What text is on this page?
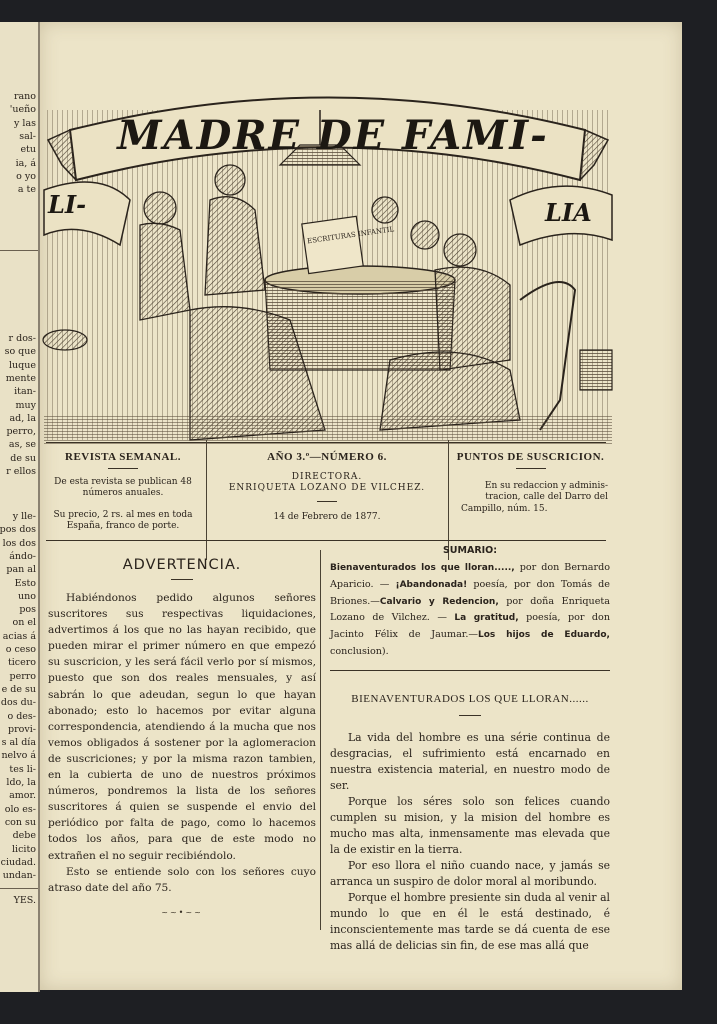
rano
'ueño
y las
sal-
etu
ia, á
o yo
a te
r dos-
so que
luque
mente
itan-
muy
ad, la
perro,
as, se
de su
r ellos
y lle-
pos dos
los dos
ándo-
pan al
Esto
uno
pos
on el
acias á
o ceso
ticero
perro
e de su
dos du-
o des-
provi-
s al día
nelvo á
tes li-
ldo, la
amor.
olo es-
con su
debe
licito
ciudad.
undan-
YES.
ESCRITURAS INFANTIL
MADRE DE FAMI-
LI-	LIA
REVISTA SEMANAL.
De esta revista se publican 48
números anuales.
Su precio, 2 rs. al mes en toda
España, franco de porte.
AÑO 3.º—NÚMERO 6.
DIRECTORA.
ENRIQUETA LOZANO DE VILCHEZ.
14 de Febrero de 1877.
PUNTOS DE SUSCRICION.
En su redaccion y adminis-
tracion, calle del Darro del
Campillo, núm. 15.
ADVERTENCIA.

Habiéndonos pedido algunos señores suscritores sus respectivas liquidaciones, advertimos á los que no las hayan recibido, que pueden mirar el primer número en que empezó su suscricion, y les será fácil verlo por sí mismos, puesto que son dos reales mensuales, y así sabrán lo que adeudan, segun lo que hayan abonado; esto lo hacemos por evitar alguna correspondencia, atendiendo á la mucha que nos vemos obligados á sostener por la aglomeracion de suscriciones; y por la misma razon tambien, en la cubierta de uno de nuestros próximos números, pondremos la lista de los señores suscritores á quien se suspende el envio del periódico por falta de pago, como lo hacemos todos los años, para que de este modo no extrañen el no seguir recibiéndolo.

Esto se entiende solo con los señores cuyo atraso date del año 75.

~~•~~
SUMARIO:

Bienaventurados los que lloran....., por don Bernardo Aparicio. — ¡Abandonada! poesía, por don Tomás de Briones.—Calvario y Redencion, por doña Enriqueta Lozano de Vilchez. — La gratitud, poesía, por don Jacinto Félix de Jaumar.—Los hijos de Eduardo, conclusion).

BIENAVENTURADOS LOS QUE LLORAN......

La vida del hombre es una série continua de desgracias, el sufrimiento está encarnado en nuestra existencia material, en nuestro modo de ser.

Porque los séres solo son felices cuando cumplen su mision, y la mision del hombre es mucho mas alta, inmensamente mas elevada que la de existir en la tierra.

Por eso llora el niño cuando nace, y jamás se arranca un suspiro de dolor moral al moribundo.

Porque el hombre presiente sin duda al venir al mundo lo que en él le está destinado, é inconscientemente mas tarde se dá cuenta de ese mas allá de delicias sin fin, de ese mas allá que
